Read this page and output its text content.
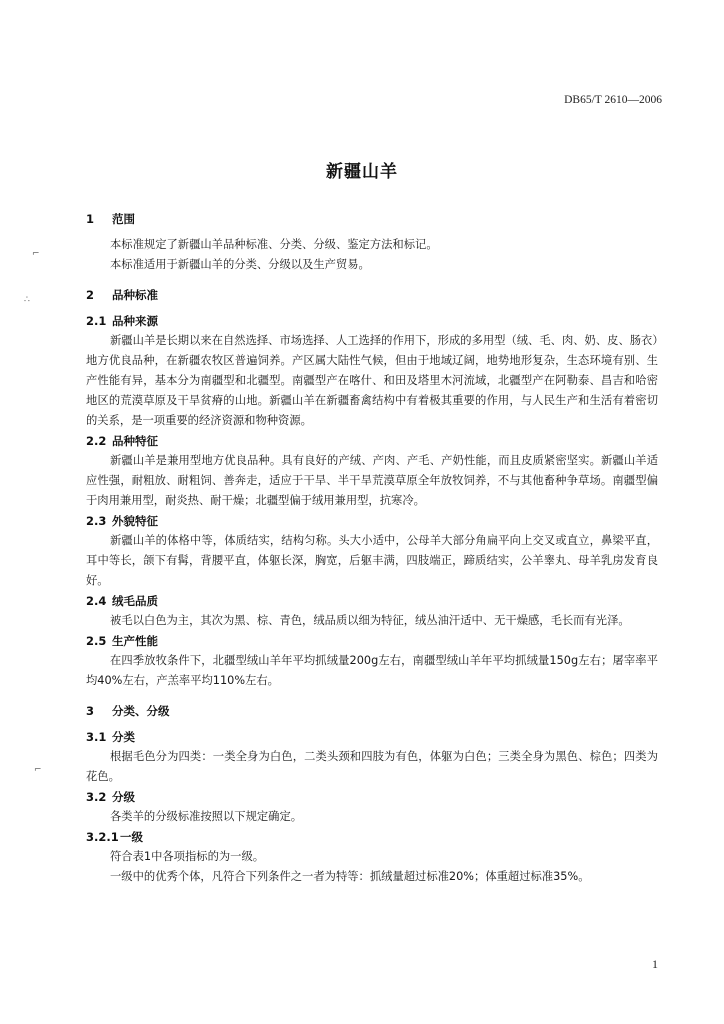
⌐
∴
⌐
DB65/T 2610—2006
新疆山羊
1 范围

本标准规定了新疆山羊品种标准、分类、分级、鉴定方法和标记。

本标准适用于新疆山羊的分类、分级以及生产贸易。

2 品种标准
2.1 品种来源

新疆山羊是长期以来在自然选择、市场选择、人工选择的作用下，形成的多用型（绒、毛、肉、奶、皮、肠衣）地方优良品种，在新疆农牧区普遍饲养。产区属大陆性气候，但由于地域辽阔，地势地形复杂，生态环境有别、生产性能有异，基本分为南疆型和北疆型。南疆型产在喀什、和田及塔里木河流域，北疆型产在阿勒泰、昌吉和哈密地区的荒漠草原及干旱贫瘠的山地。新疆山羊在新疆畜禽结构中有着极其重要的作用，与人民生产和生活有着密切的关系，是一项重要的经济资源和物种资源。

2.2 品种特征

新疆山羊是兼用型地方优良品种。具有良好的产绒、产肉、产毛、产奶性能，而且皮质紧密坚实。新疆山羊适应性强，耐粗放、耐粗饲、善奔走，适应于干旱、半干旱荒漠草原全年放牧饲养，不与其他畜种争草场。南疆型偏于肉用兼用型，耐炎热、耐干燥；北疆型偏于绒用兼用型，抗寒冷。

2.3 外貌特征

新疆山羊的体格中等，体质结实，结构匀称。头大小适中，公母羊大部分角扁平向上交叉或直立，鼻梁平直，耳中等长，颌下有髯，背腰平直，体躯长深，胸宽，后躯丰满，四肢端正，蹄质结实，公羊睾丸、母羊乳房发育良好。

2.4 绒毛品质

被毛以白色为主，其次为黑、棕、青色，绒品质以细为特征，绒丛油汗适中、无干燥感，毛长而有光泽。

2.5 生产性能

在四季放牧条件下，北疆型绒山羊年平均抓绒量200g左右，南疆型绒山羊年平均抓绒量150g左右；屠宰率平均40%左右，产羔率平均110%左右。

3 分类、分级
3.1 分类

根据毛色分为四类：一类全身为白色，二类头颈和四肢为有色，体躯为白色；三类全身为黑色、棕色；四类为花色。

3.2 分级

各类羊的分级标准按照以下规定确定。

3.2.1一级

符合表1中各项指标的为一级。

一级中的优秀个体，凡符合下列条件之一者为特等：抓绒量超过标准20%；体重超过标准35%。

1
